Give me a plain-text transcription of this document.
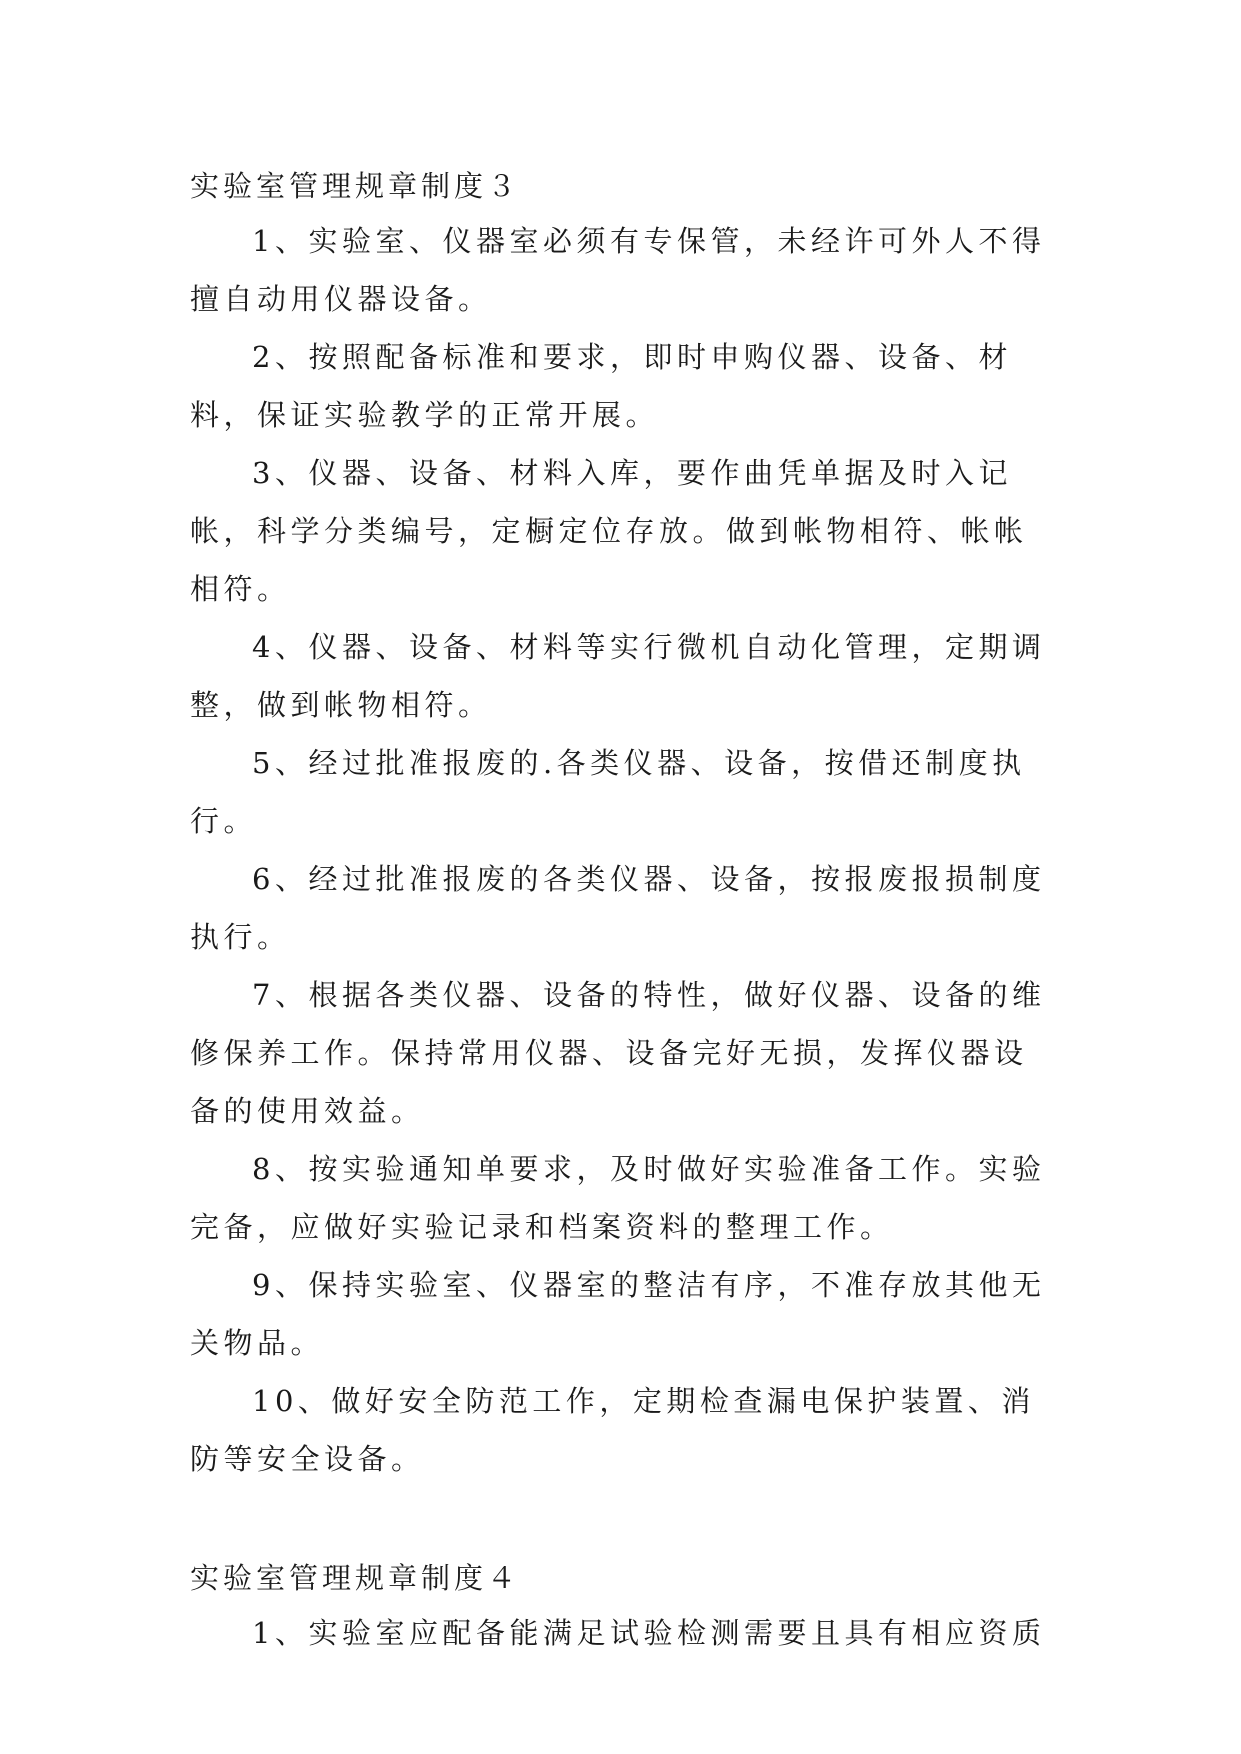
实验室管理规章制度３

1、实验室、仪器室必须有专保管，未经许可外人不得擅自动用仪器设备。

2、按照配备标准和要求，即时申购仪器、设备、材料，保证实验教学的正常开展。

3、仪器、设备、材料入库，要作曲凭单据及时入记帐，科学分类编号，定橱定位存放。做到帐物相符、帐帐相符。

4、仪器、设备、材料等实行微机自动化管理，定期调整，做到帐物相符。

5、经过批准报废的.各类仪器、设备，按借还制度执行。

6、经过批准报废的各类仪器、设备，按报废报损制度执行。

7、根据各类仪器、设备的特性，做好仪器、设备的维修保养工作。保持常用仪器、设备完好无损，发挥仪器设备的使用效益。

8、按实验通知单要求，及时做好实验准备工作。实验完备，应做好实验记录和档案资料的整理工作。

9、保持实验室、仪器室的整洁有序，不准存放其他无关物品。

10、做好安全防范工作，定期检查漏电保护装置、消防等安全设备。

实验室管理规章制度４

1、实验室应配备能满足试验检测需要且具有相应资质
